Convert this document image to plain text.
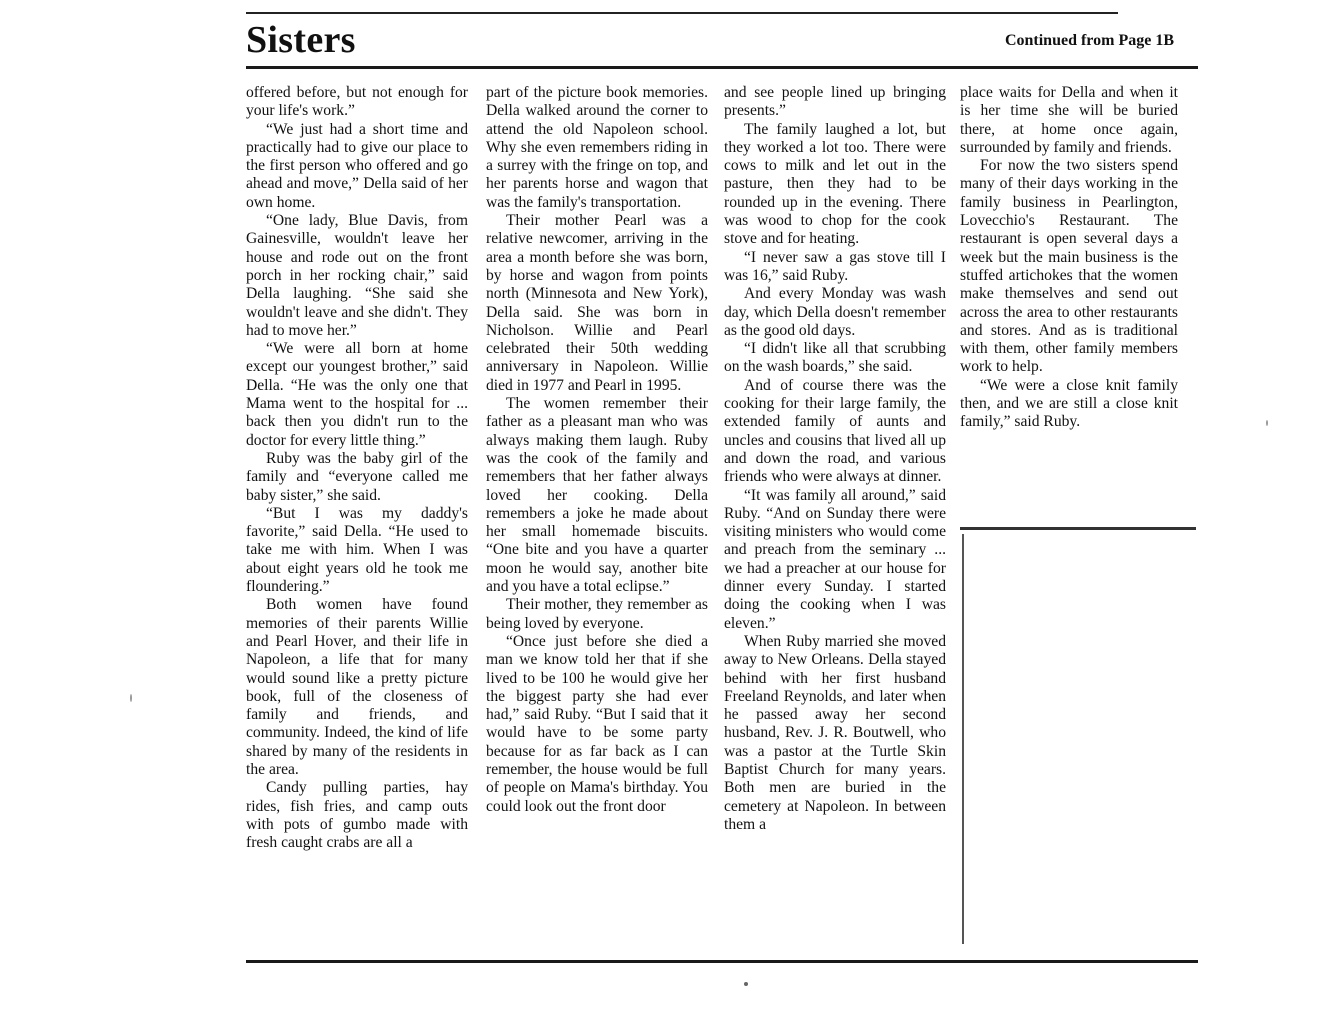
Sisters	Continued from Page 1B

offered before, but not enough for your life's work.”

“We just had a short time and practically had to give our place to the first person who offered and go ahead and move,” Della said of her own home.

“One lady, Blue Davis, from Gainesville, wouldn't leave her house and rode out on the front porch in her rocking chair,” said Della laughing. “She said she wouldn't leave and she didn't. They had to move her.”

“We were all born at home except our youngest brother,” said Della. “He was the only one that Mama went to the hospital for ... back then you didn't run to the doctor for every little thing.”

Ruby was the baby girl of the family and “everyone called me baby sister,” she said.

“But I was my daddy's favorite,” said Della. “He used to take me with him. When I was about eight years old he took me floundering.”

Both women have found memories of their parents Willie and Pearl Hover, and their life in Napoleon, a life that for many would sound like a pretty picture book, full of the closeness of family and friends, and community. Indeed, the kind of life shared by many of the residents in the area.

Candy pulling parties, hay rides, fish fries, and camp outs with pots of gumbo made with fresh caught crabs are all a

part of the picture book memories. Della walked around the corner to attend the old Napoleon school. Why she even remembers riding in a surrey with the fringe on top, and her parents horse and wagon that was the family's transportation.

Their mother Pearl was a relative newcomer, arriving in the area a month before she was born, by horse and wagon from points north (Minnesota and New York), Della said. She was born in Nicholson. Willie and Pearl celebrated their 50th wedding anniversary in Napoleon. Willie died in 1977 and Pearl in 1995.

The women remember their father as a pleasant man who was always making them laugh. Ruby was the cook of the family and remembers that her father always loved her cooking. Della remembers a joke he made about her small homemade biscuits. “One bite and you have a quarter moon he would say, another bite and you have a total eclipse.”

Their mother, they remember as being loved by everyone.

“Once just before she died a man we know told her that if she lived to be 100 he would give her the biggest party she had ever had,” said Ruby. “But I said that it would have to be some party because for as far back as I can remember, the house would be full of people on Mama's birthday. You could look out the front door

and see people lined up bringing presents.”

The family laughed a lot, but they worked a lot too. There were cows to milk and let out in the pasture, then they had to be rounded up in the evening. There was wood to chop for the cook stove and for heating.

“I never saw a gas stove till I was 16,” said Ruby.

And every Monday was wash day, which Della doesn't remember as the good old days.

“I didn't like all that scrubbing on the wash boards,” she said.

And of course there was the cooking for their large family, the extended family of aunts and uncles and cousins that lived all up and down the road, and various friends who were always at dinner.

“It was family all around,” said Ruby. “And on Sunday there were visiting ministers who would come and preach from the seminary ... we had a preacher at our house for dinner every Sunday. I started doing the cooking when I was eleven.”

When Ruby married she moved away to New Orleans. Della stayed behind with her first husband Freeland Reynolds, and later when he passed away her second husband, Rev. J. R. Boutwell, who was a pastor at the Turtle Skin Baptist Church for many years. Both men are buried in the cemetery at Napoleon. In between them a

place waits for Della and when it is her time she will be buried there, at home once again, surrounded by family and friends.

For now the two sisters spend many of their days working in the family business in Pearlington, Lovecchio's Restaurant. The restaurant is open several days a week but the main business is the stuffed artichokes that the women make themselves and send out across the area to other restaurants and stores. And as is traditional with them, other family members work to help.

“We were a close knit family then, and we are still a close knit family,” said Ruby.
